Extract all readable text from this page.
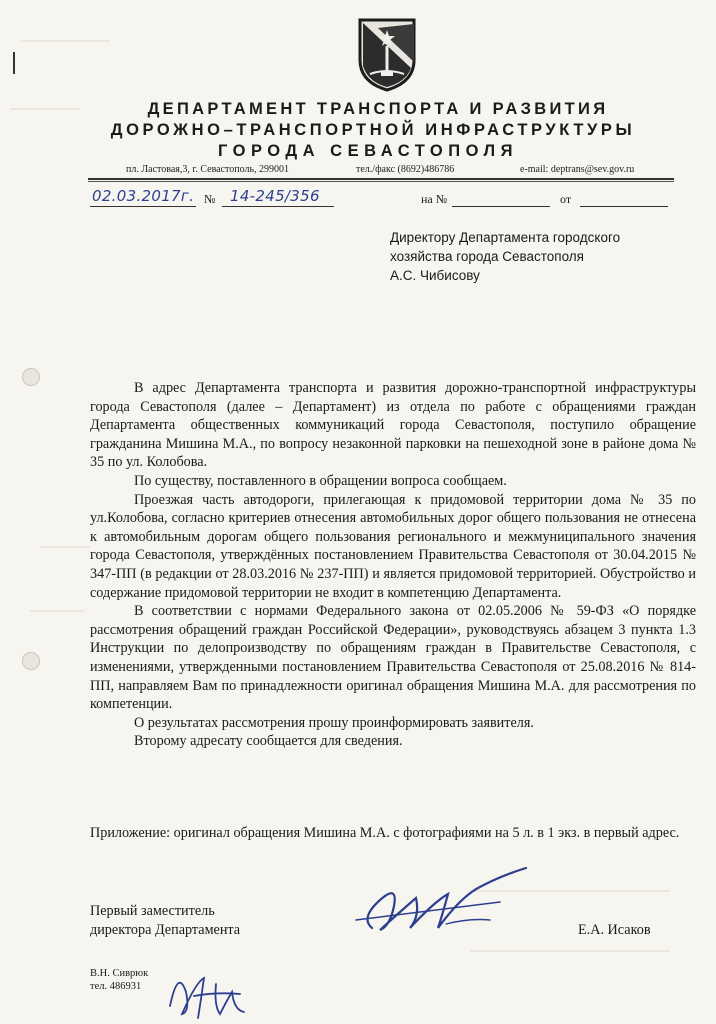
ДЕПАРТАМЕНТ ТРАНСПОРТА И РАЗВИТИЯ
ДОРОЖНО–ТРАНСПОРТНОЙ ИНФРАСТРУКТУРЫ
ГОРОДА СЕВАСТОПОЛЯ
пл. Ластовая,3, г. Севастополь, 299001	тел./факс (8692)486786	e-mail: deptrans@sev.gov.ru
02.03.2017г. № 14-245/356	на №	от
Директору Департамента городского
хозяйства города Севастополя
А.С. Чибисову

В адрес Департамента транспорта и развития дорожно-транспортной инфраструктуры города Севастополя (далее – Департамент) из отдела по работе с обращениями граждан Департамента общественных коммуникаций города Севастополя, поступило обращение гражданина Мишина М.А., по вопросу незаконной парковки на пешеходной зоне в районе дома № 35 по ул. Колобова.

По существу, поставленного в обращении вопроса сообщаем.

Проезжая часть автодороги, прилегающая к придомовой территории дома № 35 по ул.Колобова, согласно критериев отнесения автомобильных дорог общего пользования не отнесена к автомобильным дорогам общего пользования регионального и межмуниципального значения города Севастополя, утверждённых постановлением Правительства Севастополя от 30.04.2015 № 347-ПП (в редакции от 28.03.2016 № 237-ПП) и является придомовой территорией. Обустройство и содержание придомовой территории не входит в компетенцию Департамента.

В соответствии с нормами Федерального закона от 02.05.2006 № 59-ФЗ «О порядке рассмотрения обращений граждан Российской Федерации», руководствуясь абзацем 3 пункта 1.3 Инструкции по делопроизводству по обращениям граждан в Правительстве Севастополя, с изменениями, утвержденными постановлением Правительства Севастополя от 25.08.2016 № 814-ПП, направляем Вам по принадлежности оригинал обращения Мишина М.А. для рассмотрения по компетенции.

О результатах рассмотрения прошу проинформировать заявителя.

Второму адресату сообщается для сведения.

Приложение: оригинал обращения Мишина М.А. с фотографиями на 5 л. в 1 экз. в первый адрес.
Первый заместитель
директора Департамента	Е.А. Исаков
В.Н. Сиврюк
тел. 486931
